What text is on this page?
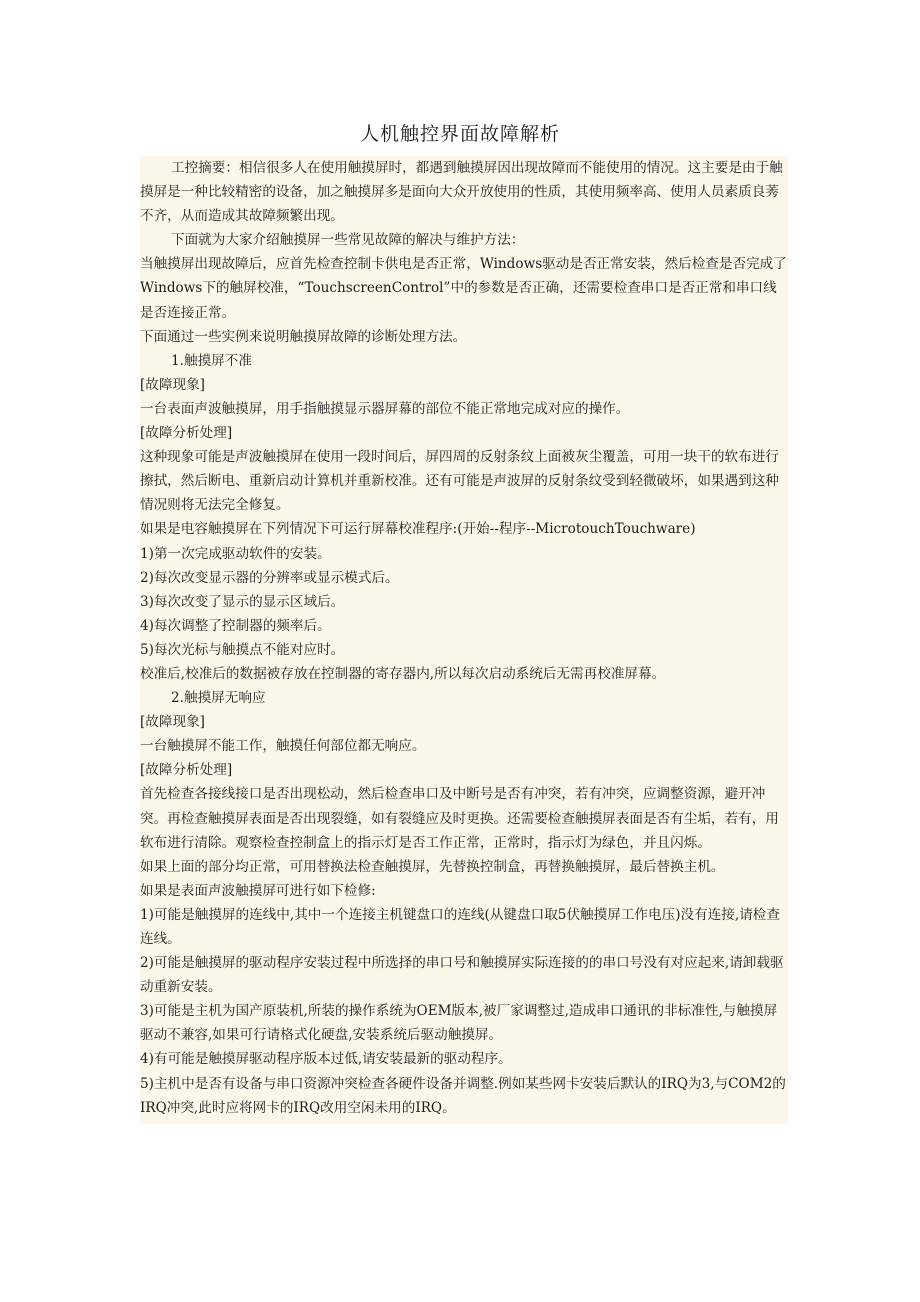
人机触控界面故障解析

工控摘要：相信很多人在使用触摸屏时，都遇到触摸屏因出现故障而不能使用的情况。这主要是由于触摸屏是一种比较精密的设备，加之触摸屏多是面向大众开放使用的性质，其使用频率高、使用人员素质良莠不齐，从而造成其故障频繁出现。

下面就为大家介绍触摸屏一些常见故障的解决与维护方法：

当触摸屏出现故障后，应首先检查控制卡供电是否正常，Windows驱动是否正常安装，然后检查是否完成了Windows下的触屏校准，“TouchscreenControl”中的参数是否正确，还需要检查串口是否正常和串口线是否连接正常。

下面通过一些实例来说明触摸屏故障的诊断处理方法。

1.触摸屏不准

[故障现象]

一台表面声波触摸屏，用手指触摸显示器屏幕的部位不能正常地完成对应的操作。

[故障分析处理]

这种现象可能是声波触摸屏在使用一段时间后，屏四周的反射条纹上面被灰尘覆盖，可用一块干的软布进行擦拭，然后断电、重新启动计算机并重新校准。还有可能是声波屏的反射条纹受到轻微破坏，如果遇到这种情况则将无法完全修复。

如果是电容触摸屏在下列情况下可运行屏幕校准程序:(开始--程序--MicrotouchTouchware)

1)第一次完成驱动软件的安装。

2)每次改变显示器的分辨率或显示模式后。

3)每次改变了显示的显示区域后。

4)每次调整了控制器的频率后。

5)每次光标与触摸点不能对应时。

校准后,校准后的数据被存放在控制器的寄存器内,所以每次启动系统后无需再校准屏幕。

2.触摸屏无响应

[故障现象]

一台触摸屏不能工作，触摸任何部位都无响应。

[故障分析处理]

首先检查各接线接口是否出现松动，然后检查串口及中断号是否有冲突，若有冲突，应调整资源，避开冲突。再检查触摸屏表面是否出现裂缝，如有裂缝应及时更换。还需要检查触摸屏表面是否有尘垢，若有，用软布进行清除。观察检查控制盒上的指示灯是否工作正常，正常时，指示灯为绿色，并且闪烁。

如果上面的部分均正常，可用替换法检查触摸屏，先替换控制盒，再替换触摸屏，最后替换主机。

如果是表面声波触摸屏可进行如下检修:

1)可能是触摸屏的连线中,其中一个连接主机键盘口的连线(从键盘口取5伏触摸屏工作电压)没有连接,请检查连线。

2)可能是触摸屏的驱动程序安装过程中所选择的串口号和触摸屏实际连接的的串口号没有对应起来,请卸载驱动重新安装。

3)可能是主机为国产原装机,所装的操作系统为OEM版本,被厂家调整过,造成串口通讯的非标准性,与触摸屏驱动不兼容,如果可行请格式化硬盘,安装系统后驱动触摸屏。

4)有可能是触摸屏驱动程序版本过低,请安装最新的驱动程序。

5)主机中是否有设备与串口资源冲突检查各硬件设备并调整.例如某些网卡安装后默认的IRQ为3,与COM2的IRQ冲突,此时应将网卡的IRQ改用空闲未用的IRQ。
